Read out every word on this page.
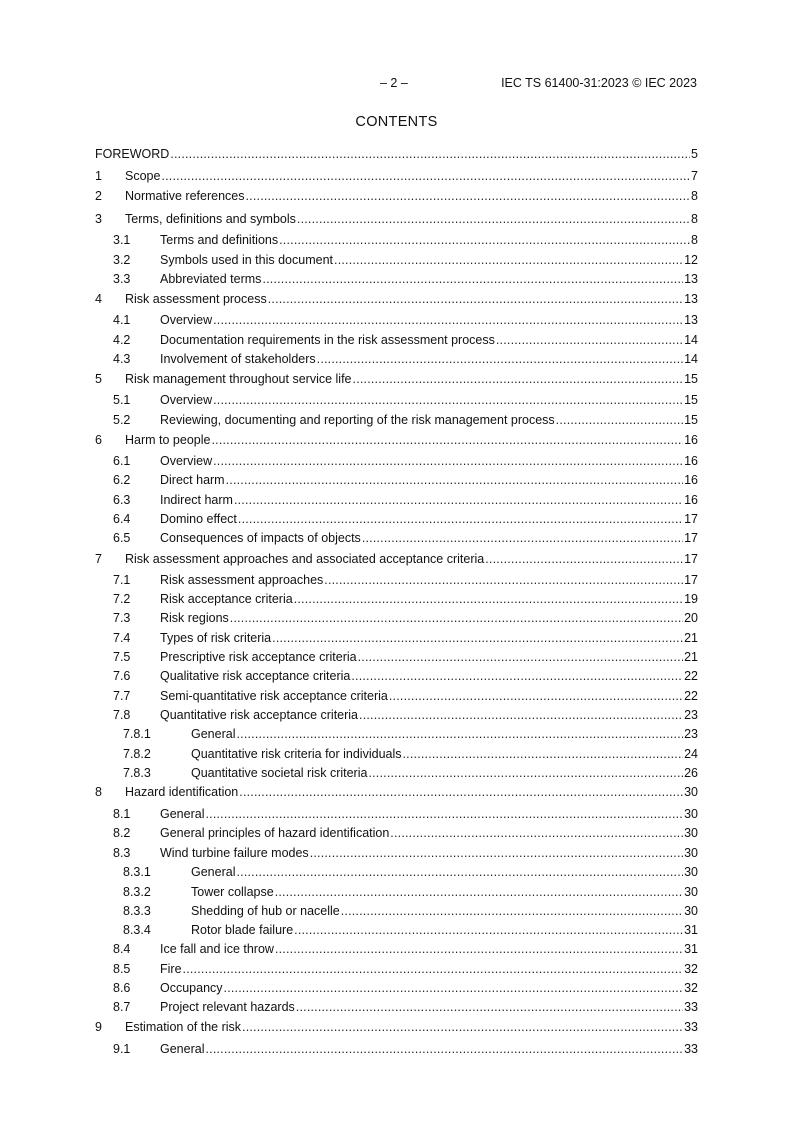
– 2 –	IEC TS 61400-31:2023 © IEC 2023
CONTENTS
FOREWORD .....	5
1	Scope .....	7
2	Normative references .....	8
3	Terms, definitions and symbols .....	8
3.1	Terms and definitions .....	8
3.2	Symbols used in this document .....	12
3.3	Abbreviated terms .....	13
4	Risk assessment process .....	13
4.1	Overview .....	13
4.2	Documentation requirements in the risk assessment process .....	14
4.3	Involvement of stakeholders .....	14
5	Risk management throughout service life .....	15
5.1	Overview .....	15
5.2	Reviewing, documenting and reporting of the risk management process .....	15
6	Harm to people .....	16
6.1	Overview .....	16
6.2	Direct harm .....	16
6.3	Indirect harm .....	16
6.4	Domino effect .....	17
6.5	Consequences of impacts of objects .....	17
7	Risk assessment approaches and associated acceptance criteria .....	17
7.1	Risk assessment approaches .....	17
7.2	Risk acceptance criteria .....	19
7.3	Risk regions .....	20
7.4	Types of risk criteria .....	21
7.5	Prescriptive risk acceptance criteria .....	21
7.6	Qualitative risk acceptance criteria .....	22
7.7	Semi-quantitative risk acceptance criteria .....	22
7.8	Quantitative risk acceptance criteria .....	23
7.8.1	General .....	23
7.8.2	Quantitative risk criteria for individuals .....	24
7.8.3	Quantitative societal risk criteria .....	26
8	Hazard identification .....	30
8.1	General .....	30
8.2	General principles of hazard identification .....	30
8.3	Wind turbine failure modes .....	30
8.3.1	General .....	30
8.3.2	Tower collapse .....	30
8.3.3	Shedding of hub or nacelle .....	30
8.3.4	Rotor blade failure .....	31
8.4	Ice fall and ice throw .....	31
8.5	Fire .....	32
8.6	Occupancy .....	32
8.7	Project relevant hazards .....	33
9	Estimation of the risk .....	33
9.1	General .....	33
